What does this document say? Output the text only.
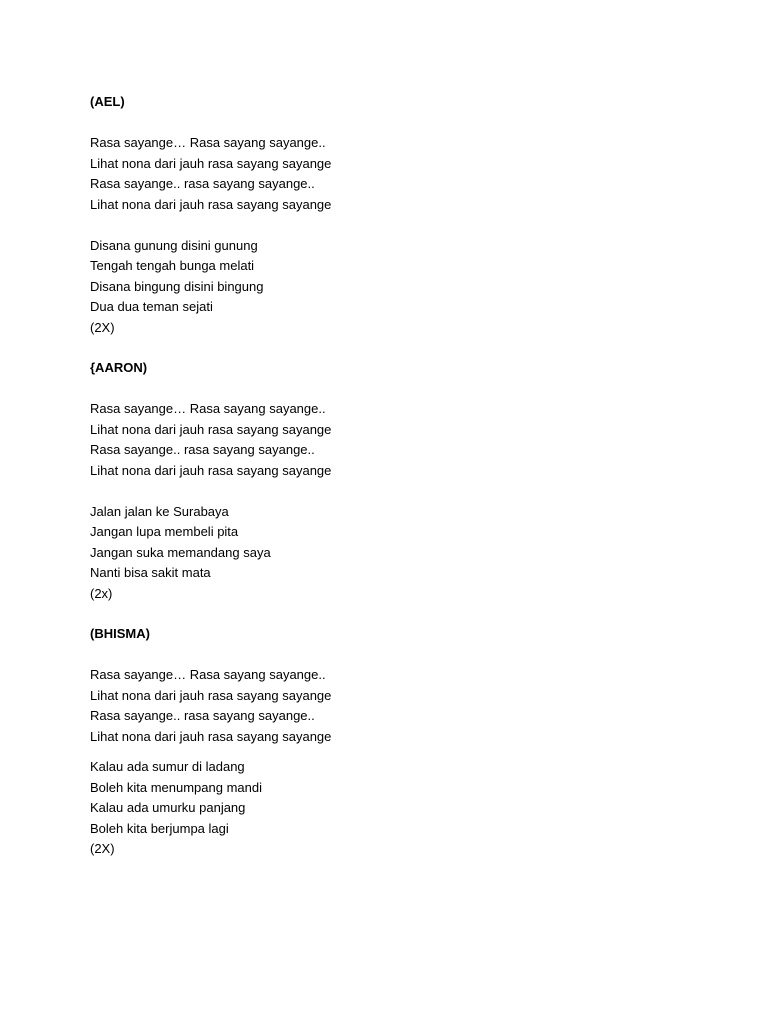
(AEL)
Rasa sayange… Rasa sayang sayange..
Lihat nona dari jauh rasa sayang sayange
Rasa sayange.. rasa sayang sayange..
Lihat nona dari jauh rasa sayang sayange
Disana gunung disini gunung
Tengah tengah bunga melati
Disana bingung disini bingung
Dua dua teman sejati
(2X)
{AARON)
Rasa sayange… Rasa sayang sayange..
Lihat nona dari jauh rasa sayang sayange
Rasa sayange.. rasa sayang sayange..
Lihat nona dari jauh rasa sayang sayange
Jalan jalan ke Surabaya
Jangan lupa membeli pita
Jangan suka memandang saya
Nanti bisa sakit mata
(2x)
(BHISMA)
Rasa sayange… Rasa sayang sayange..
Lihat nona dari jauh rasa sayang sayange
Rasa sayange.. rasa sayang sayange..
Lihat nona dari jauh rasa sayang sayange
Kalau ada sumur di ladang
Boleh kita menumpang mandi
Kalau ada umurku panjang
Boleh kita berjumpa lagi
(2X)
